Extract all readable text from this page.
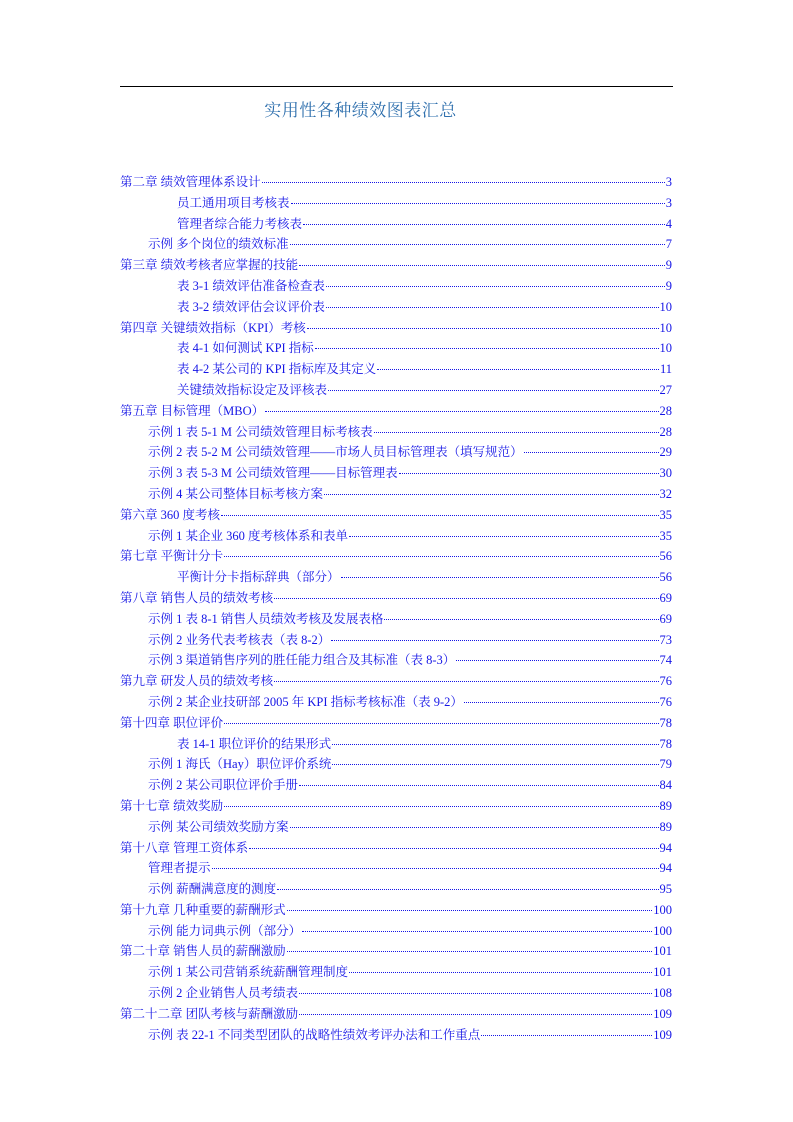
实用性各种绩效图表汇总
第二章 绩效管理体系设计	3
员工通用项目考核表	3
管理者综合能力考核表	4
示例 多个岗位的绩效标准	7
第三章 绩效考核者应掌握的技能	9
表 3-1 绩效评估准备检查表	9
表 3-2 绩效评估会议评价表	10
第四章 关键绩效指标（KPI）考核	10
表 4-1 如何测试 KPI 指标	10
表 4-2 某公司的 KPI 指标库及其定义	11
关键绩效指标设定及评核表	27
第五章 目标管理（MBO）	28
示例 1 表 5-1 M 公司绩效管理目标考核表	28
示例 2 表 5-2 M 公司绩效管理——市场人员目标管理表（填写规范）	29
示例 3 表 5-3 M 公司绩效管理——目标管理表	30
示例 4 某公司整体目标考核方案	32
第六章 360 度考核	35
示例 1 某企业 360 度考核体系和表单	35
第七章 平衡计分卡	56
平衡计分卡指标辞典（部分）	56
第八章 销售人员的绩效考核	69
示例 1 表 8-1 销售人员绩效考核及发展表格	69
示例 2 业务代表考核表（表 8-2）	73
示例 3 渠道销售序列的胜任能力组合及其标准（表 8-3）	74
第九章 研发人员的绩效考核	76
示例 2 某企业技研部 2005 年 KPI 指标考核标准（表 9-2）	76
第十四章 职位评价	78
表 14-1 职位评价的结果形式	78
示例 1 海氏（Hay）职位评价系统	79
示例 2 某公司职位评价手册	84
第十七章 绩效奖励	89
示例 某公司绩效奖励方案	89
第十八章 管理工资体系	94
管理者提示	94
示例 薪酬满意度的测度	95
第十九章 几种重要的薪酬形式	100
示例 能力词典示例（部分）	100
第二十章 销售人员的薪酬激励	101
示例 1 某公司营销系统薪酬管理制度	101
示例 2 企业销售人员考绩表	108
第二十二章 团队考核与薪酬激励	109
示例 表 22-1 不同类型团队的战略性绩效考评办法和工作重点	109
